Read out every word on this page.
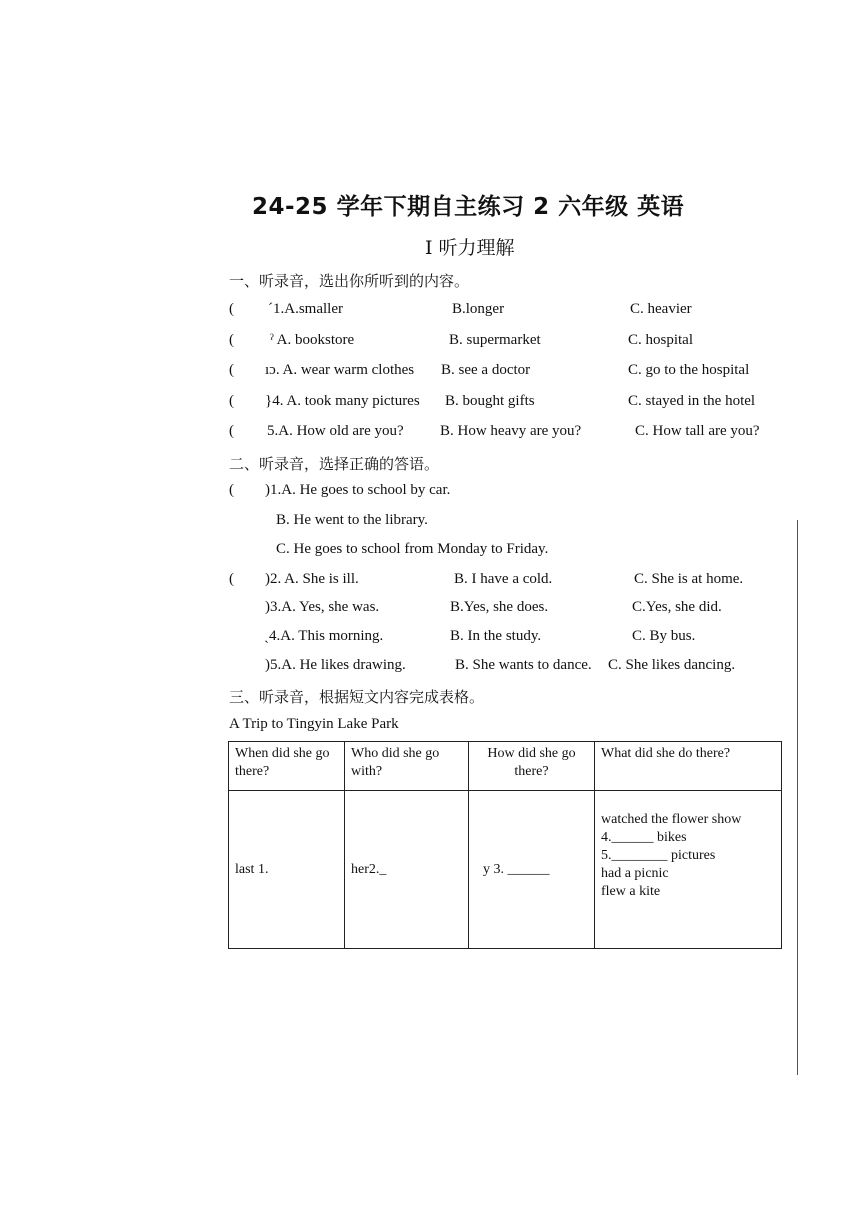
24-25 学年下期自主练习 2 六年级 英语
Ⅰ 听力理解
一、听录音，选出你所听到的内容。
( ´1.A.smaller	B.longer	C. heavier
( ˀ A. bookstore	B. supermarket	C. hospital
( ıɔ. A. wear warm clothes B. see a doctor	C. go to the hospital
( }4. A. took many pictures B. bought gifts	C. stayed in the hotel
( 5.A. How old are you? B. How heavy are you?	C. How tall are you?
二、听录音，选择正确的答语。
( )1.A. He goes to school by car.
B. He went to the library.
C. He goes to school from Monday to Friday.
( )2. A. She is ill.	B. I have a cold.	C. She is at home.
)3.A. Yes, she was.	B.Yes, she does.	C.Yes, she did.
ˎ4.A. This morning.	B. In the study.	C. By bus.
)5.A. He likes drawing.	B. She wants to dance. C. She likes dancing.
三、听录音，根据短文内容完成表格。
A Trip to Tingyin Lake Park
When did she go there?	Who did she go with?	How did she go there?	What did she do there?
last 1.	her2._	y 3. ______	watched the flower show
4.______ bikes
5.________ pictures
had a picnic
flew a kite
